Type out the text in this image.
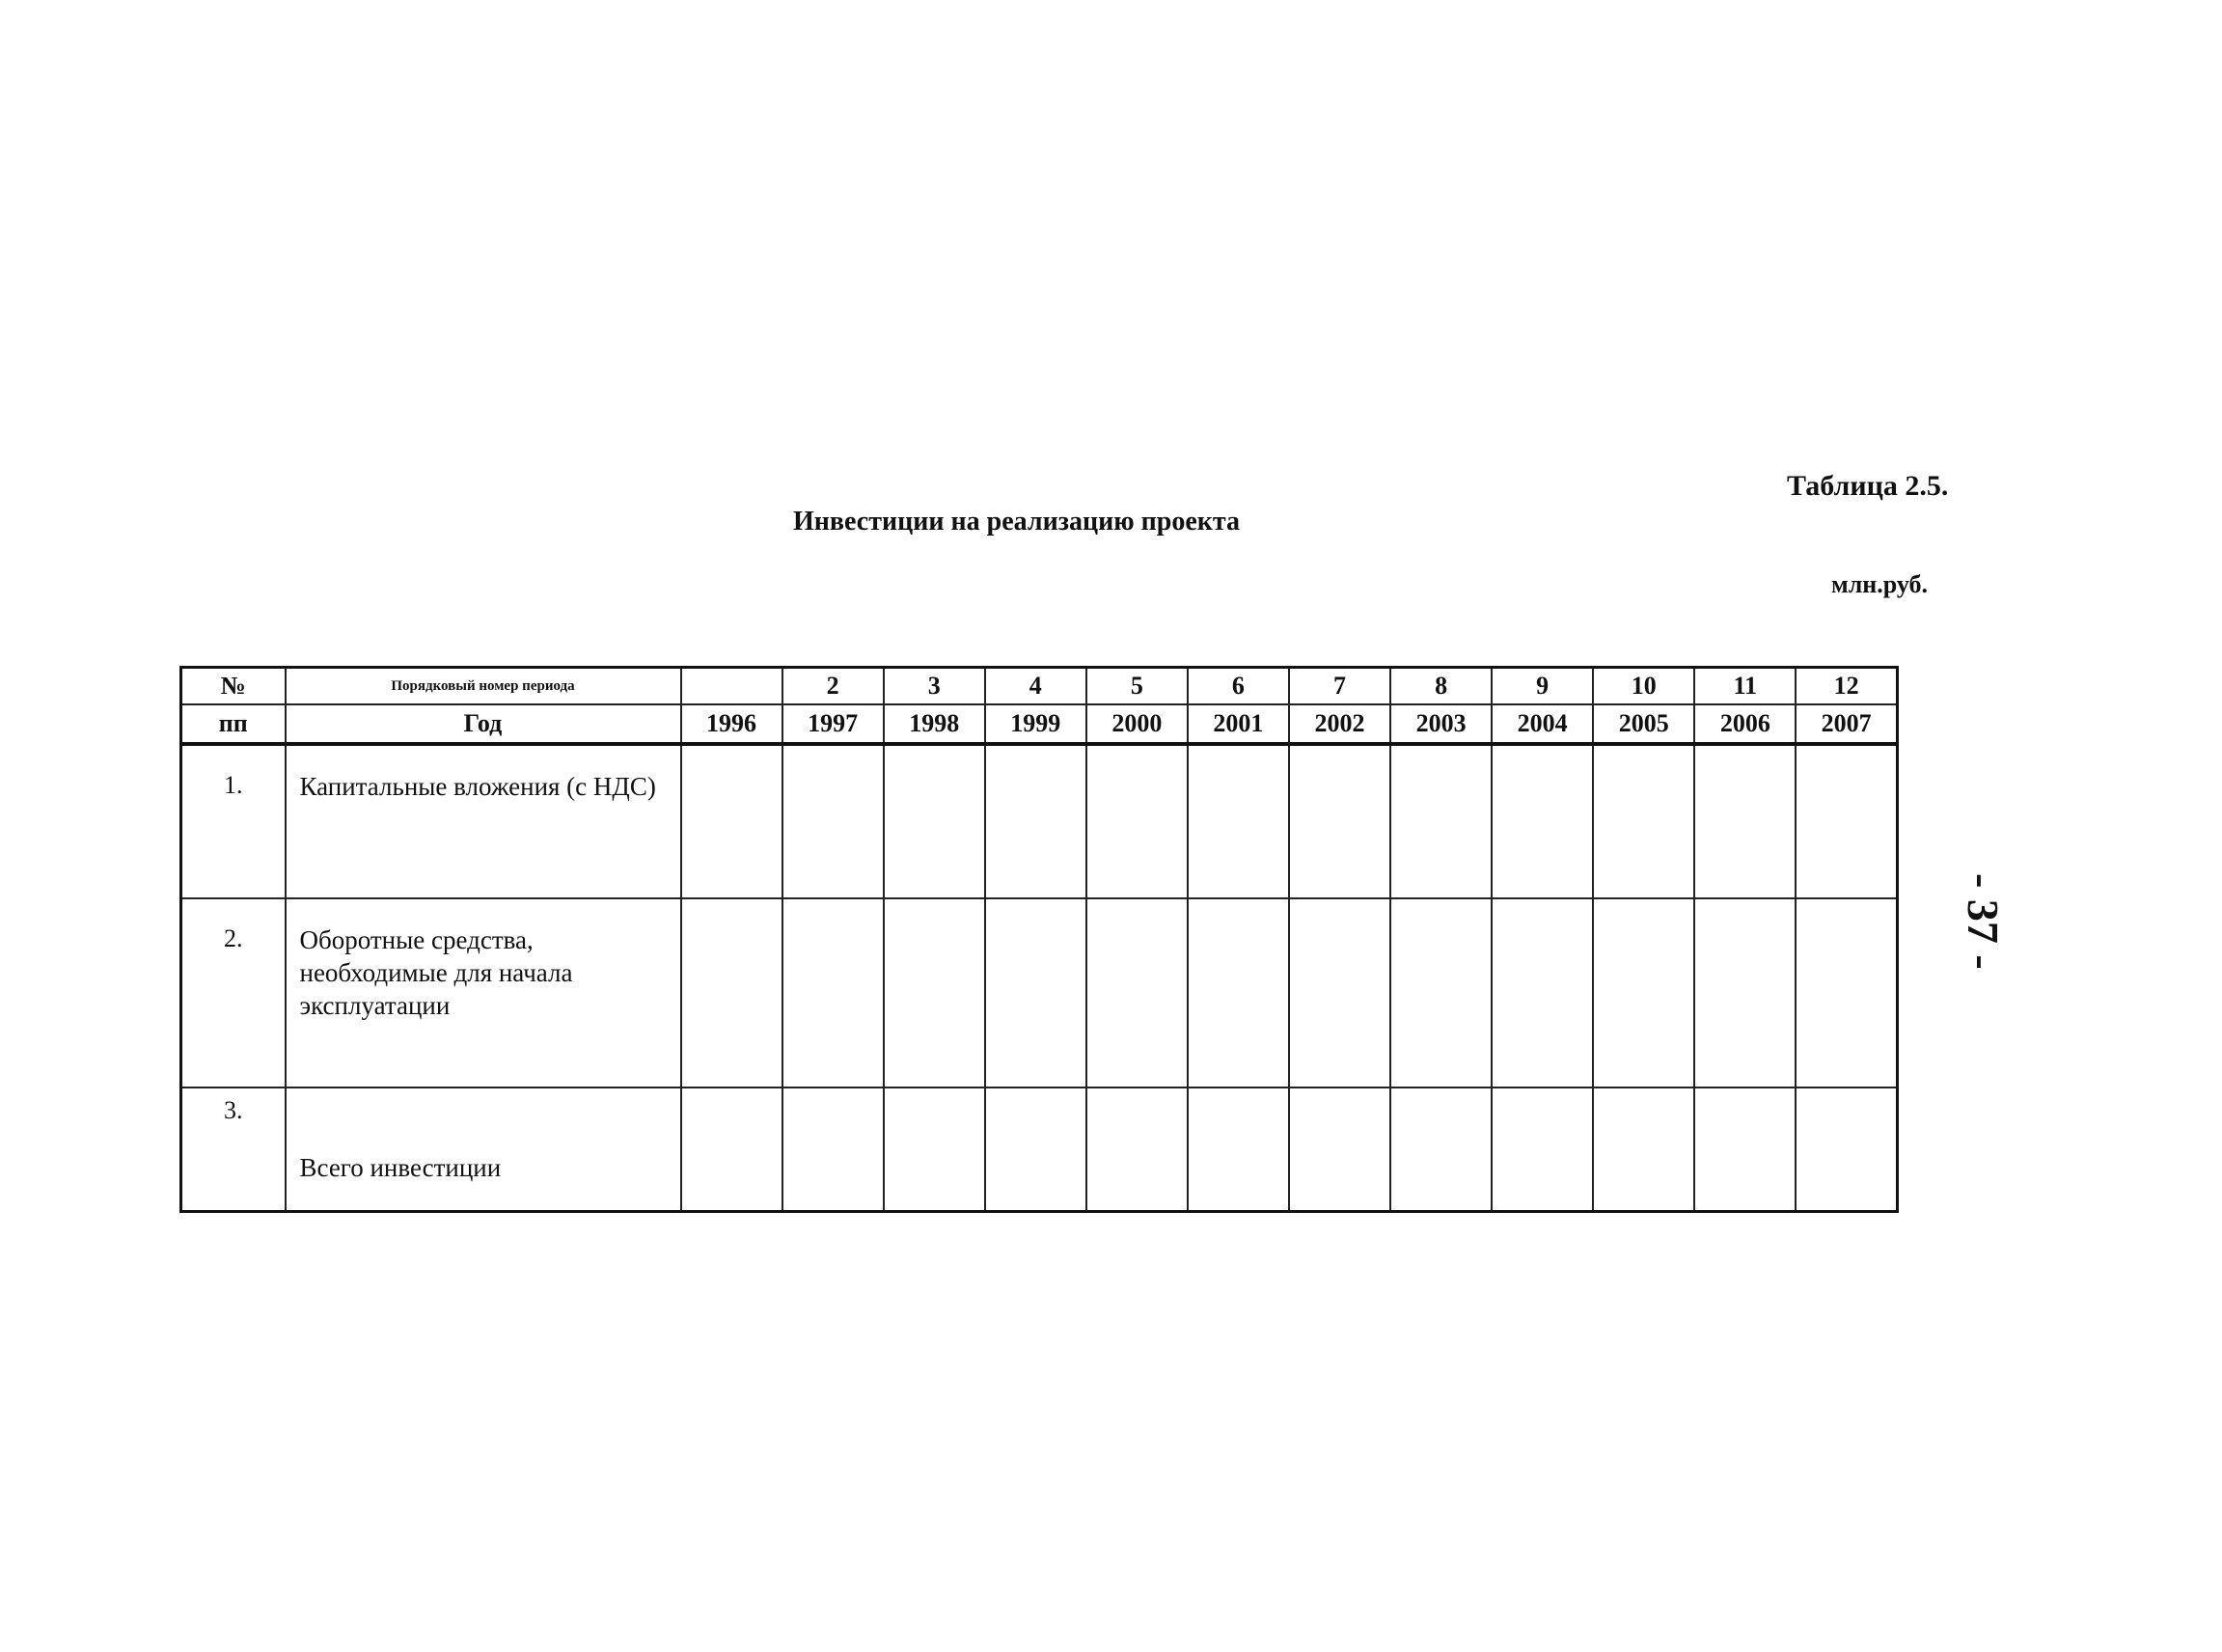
Таблица 2.5.
Инвестиции на реализацию проекта
млн.руб.
№	Порядковый номер периода		2	3	4	5	6	7	8	9	10	11	12
пп	Год	1996	1997	1998	1999	2000	2001	2002	2003	2004	2005	2006	2007
1.	Капитальные вложения (с НДС)												
2.	Оборотные средства, необходимые для начала эксплуатации												
3.	Всего инвестиции												
- 37 -
